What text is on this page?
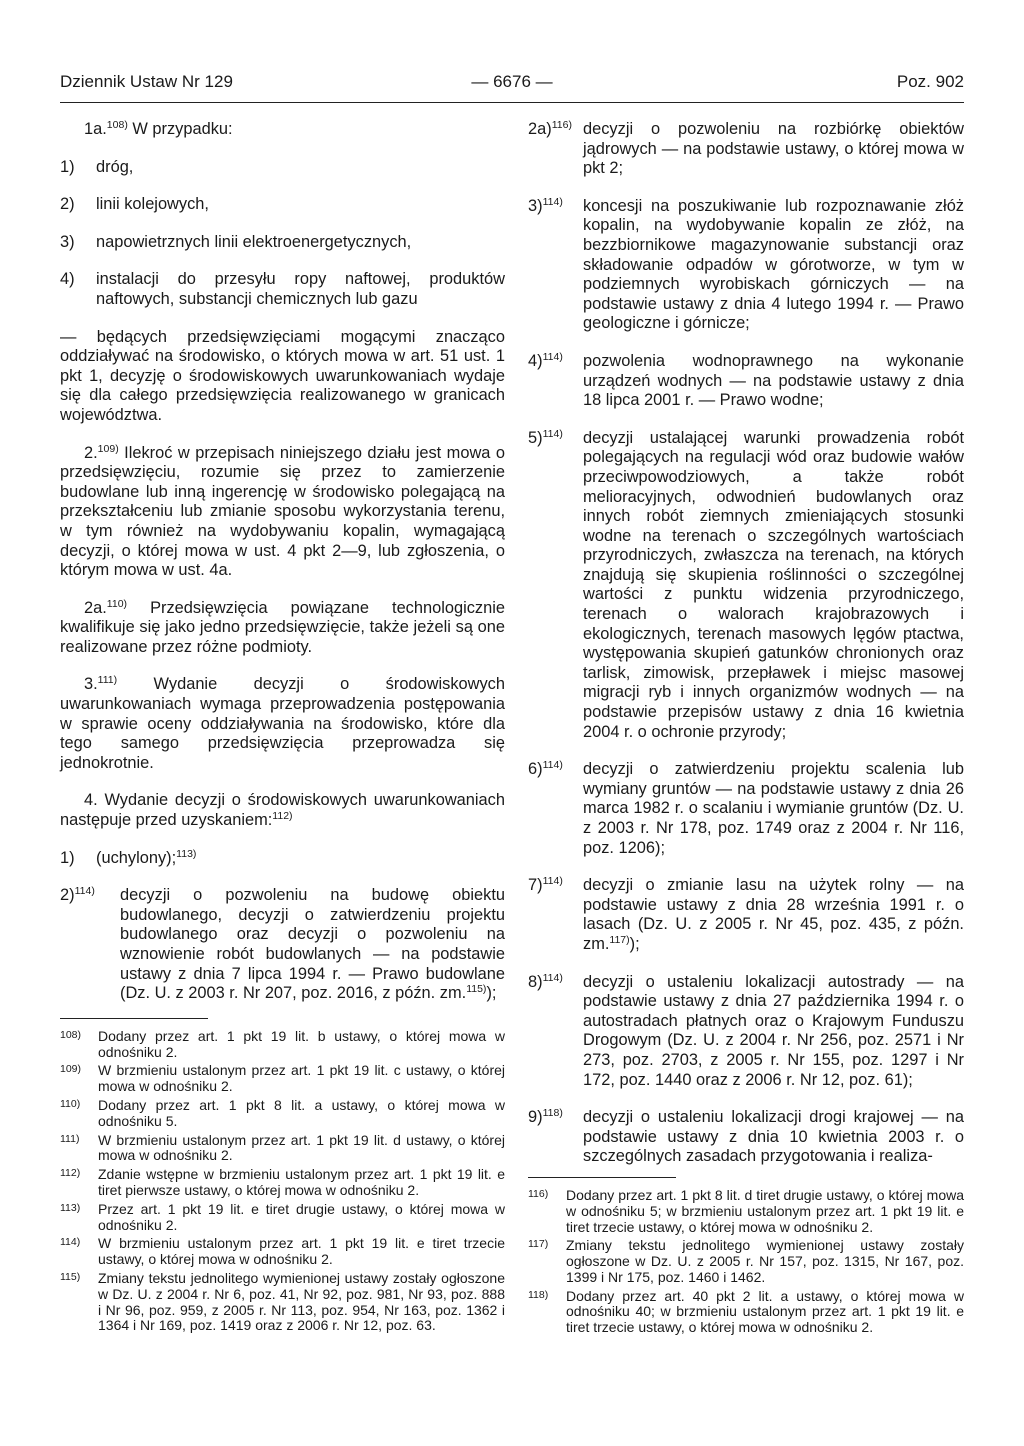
Dziennik Ustaw Nr 129	— 6676 —	Poz. 902

1a.$^{108)}$ W przypadku:

1) dróg,

2) linii kolejowych,

3) napowietrznych linii elektroenergetycznych,

4) instalacji do przesyłu ropy naftowej, produktów naftowych, substancji chemicznych lub gazu

— będących przedsięwzięciami mogącymi znacząco oddziaływać na środowisko, o których mowa w art. 51 ust. 1 pkt 1, decyzję o środowiskowych uwarunkowaniach wydaje się dla całego przedsięwzięcia realizowanego w granicach województwa.

2.$^{109)}$ Ilekroć w przepisach niniejszego działu jest mowa o przedsięwzięciu, rozumie się przez to zamierzenie budowlane lub inną ingerencję w środowisko polegającą na przekształceniu lub zmianie sposobu wykorzystania terenu, w tym również na wydobywaniu kopalin, wymagającą decyzji, o której mowa w ust. 4 pkt 2—9, lub zgłoszenia, o którym mowa w ust. 4a.

2a.$^{110)}$ Przedsięwzięcia powiązane technologicznie kwalifikuje się jako jedno przedsięwzięcie, także jeżeli są one realizowane przez różne podmioty.

3.$^{111)}$ Wydanie decyzji o środowiskowych uwarunkowaniach wymaga przeprowadzenia postępowania w sprawie oceny oddziaływania na środowisko, które dla tego samego przedsięwzięcia przeprowadza się jednokrotnie.

4. Wydanie decyzji o środowiskowych uwarunkowaniach następuje przed uzyskaniem:$^{112)}$

1) (uchylony);$^{113)}$

2)$^{114)}$ decyzji o pozwoleniu na budowę obiektu budowlanego, decyzji o zatwierdzeniu projektu budowlanego oraz decyzji o pozwoleniu na wznowienie robót budowlanych — na podstawie ustawy z dnia 7 lipca 1994 r. — Prawo budowlane (Dz. U. z 2003 r. Nr 207, poz. 2016, z późn. zm.$^{115)}$);

108) Dodany przez art. 1 pkt 19 lit. b ustawy, o której mowa w odnośniku 2.
109) W brzmieniu ustalonym przez art. 1 pkt 19 lit. c ustawy, o której mowa w odnośniku 2.
110) Dodany przez art. 1 pkt 8 lit. a ustawy, o której mowa w odnośniku 5.
111) W brzmieniu ustalonym przez art. 1 pkt 19 lit. d ustawy, o której mowa w odnośniku 2.
112) Zdanie wstępne w brzmieniu ustalonym przez art. 1 pkt 19 lit. e tiret pierwsze ustawy, o której mowa w odnośniku 2.
113) Przez art. 1 pkt 19 lit. e tiret drugie ustawy, o której mowa w odnośniku 2.
114) W brzmieniu ustalonym przez art. 1 pkt 19 lit. e tiret trzecie ustawy, o której mowa w odnośniku 2.
115) Zmiany tekstu jednolitego wymienionej ustawy zostały ogłoszone w Dz. U. z 2004 r. Nr 6, poz. 41, Nr 92, poz. 981, Nr 93, poz. 888 i Nr 96, poz. 959, z 2005 r. Nr 113, poz. 954, Nr 163, poz. 1362 i 1364 i Nr 169, poz. 1419 oraz z 2006 r. Nr 12, poz. 63.

2a)$^{116)}$ decyzji o pozwoleniu na rozbiórkę obiektów jądrowych — na podstawie ustawy, o której mowa w pkt 2;

3)$^{114)}$ koncesji na poszukiwanie lub rozpoznawanie złóż kopalin, na wydobywanie kopalin ze złóż, na bezzbiornikowe magazynowanie substancji oraz składowanie odpadów w górotworze, w tym w podziemnych wyrobiskach górniczych — na podstawie ustawy z dnia 4 lutego 1994 r. — Prawo geologiczne i górnicze;

4)$^{114)}$ pozwolenia wodnoprawnego na wykonanie urządzeń wodnych — na podstawie ustawy z dnia 18 lipca 2001 r. — Prawo wodne;

5)$^{114)}$ decyzji ustalającej warunki prowadzenia robót polegających na regulacji wód oraz budowie wałów przeciwpowodziowych, a także robót melioracyjnych, odwodnień budowlanych oraz innych robót ziemnych zmieniających stosunki wodne na terenach o szczególnych wartościach przyrodniczych, zwłaszcza na terenach, na których znajdują się skupienia roślinności o szczególnej wartości z punktu widzenia przyrodniczego, terenach o walorach krajobrazowych i ekologicznych, terenach masowych lęgów ptactwa, występowania skupień gatunków chronionych oraz tarlisk, zimowisk, przepławek i miejsc masowej migracji ryb i innych organizmów wodnych — na podstawie przepisów ustawy z dnia 16 kwietnia 2004 r. o ochronie przyrody;

6)$^{114)}$ decyzji o zatwierdzeniu projektu scalenia lub wymiany gruntów — na podstawie ustawy z dnia 26 marca 1982 r. o scalaniu i wymianie gruntów (Dz. U. z 2003 r. Nr 178, poz. 1749 oraz z 2004 r. Nr 116, poz. 1206);

7)$^{114)}$ decyzji o zmianie lasu na użytek rolny — na podstawie ustawy z dnia 28 września 1991 r. o lasach (Dz. U. z 2005 r. Nr 45, poz. 435, z późn. zm.$^{117)}$);

8)$^{114)}$ decyzji o ustaleniu lokalizacji autostrady — na podstawie ustawy z dnia 27 października 1994 r. o autostradach płatnych oraz o Krajowym Funduszu Drogowym (Dz. U. z 2004 r. Nr 256, poz. 2571 i Nr 273, poz. 2703, z 2005 r. Nr 155, poz. 1297 i Nr 172, poz. 1440 oraz z 2006 r. Nr 12, poz. 61);

9)$^{118)}$ decyzji o ustaleniu lokalizacji drogi krajowej — na podstawie ustawy z dnia 10 kwietnia 2003 r. o szczególnych zasadach przygotowania i realiza-

116) Dodany przez art. 1 pkt 8 lit. d tiret drugie ustawy, o której mowa w odnośniku 5; w brzmieniu ustalonym przez art. 1 pkt 19 lit. e tiret trzecie ustawy, o której mowa w odnośniku 2.
117) Zmiany tekstu jednolitego wymienionej ustawy zostały ogłoszone w Dz. U. z 2005 r. Nr 157, poz. 1315, Nr 167, poz. 1399 i Nr 175, poz. 1460 i 1462.
118) Dodany przez art. 40 pkt 2 lit. a ustawy, o której mowa w odnośniku 40; w brzmieniu ustalonym przez art. 1 pkt 19 lit. e tiret trzecie ustawy, o której mowa w odnośniku 2.
